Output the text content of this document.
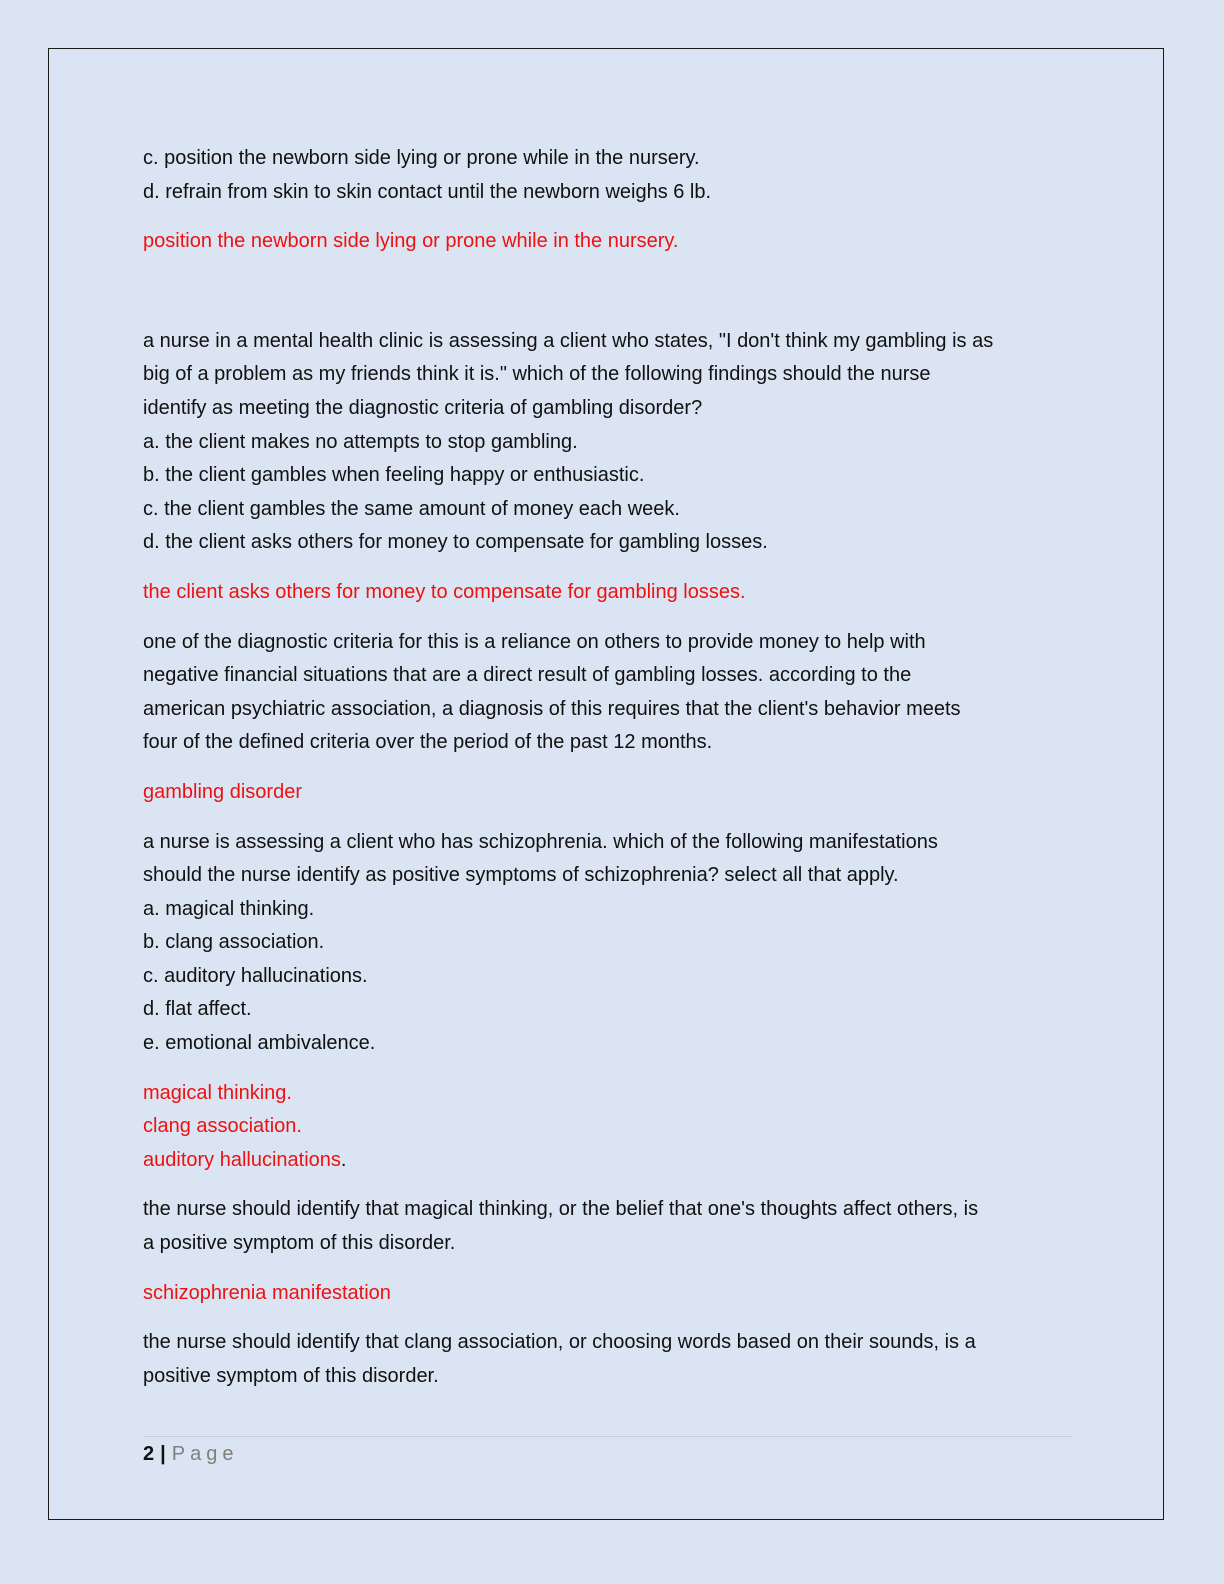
c. position the newborn side lying or prone while in the nursery.
d. refrain from skin to skin contact until the newborn weighs 6 lb.
position the newborn side lying or prone while in the nursery.
a nurse in a mental health clinic is assessing a client who states, "I don't think my gambling is as
big of a problem as my friends think it is." which of the following findings should the nurse
identify as meeting the diagnostic criteria of gambling disorder?
a. the client makes no attempts to stop gambling.
b. the client gambles when feeling happy or enthusiastic.
c. the client gambles the same amount of money each week.
d. the client asks others for money to compensate for gambling losses.
the client asks others for money to compensate for gambling losses.
one of the diagnostic criteria for this is a reliance on others to provide money to help with
negative financial situations that are a direct result of gambling losses. according to the
american psychiatric association, a diagnosis of this requires that the client's behavior meets
four of the defined criteria over the period of the past 12 months.
gambling disorder
a nurse is assessing a client who has schizophrenia. which of the following manifestations
should the nurse identify as positive symptoms of schizophrenia? select all that apply.
a. magical thinking.
b. clang association.
c. auditory hallucinations.
d. flat affect.
e. emotional ambivalence.
magical thinking.
clang association.
auditory hallucinations.
the nurse should identify that magical thinking, or the belief that one's thoughts affect others, is
a positive symptom of this disorder.
schizophrenia manifestation
the nurse should identify that clang association, or choosing words based on their sounds, is a
positive symptom of this disorder.
2 | Page
